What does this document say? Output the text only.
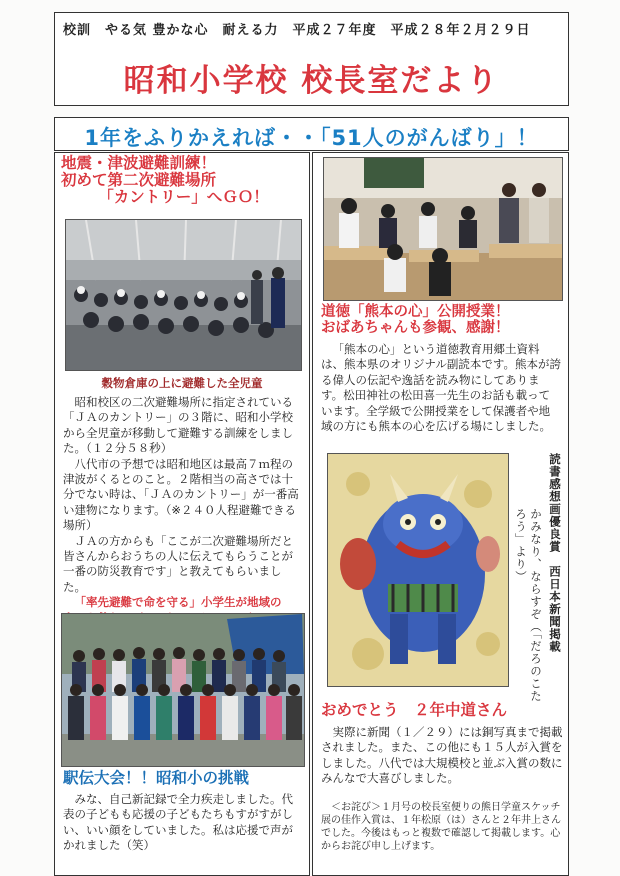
校訓　やる気 豊かな心　耐える力　平成２７年度　平成２８年２月２９日
昭和小学校 校長室だより
1年をふりかえれば・・「51人のがんばり」！
地震・津波避難訓練！
初めて第二次避難場所

「カントリー」へＧＯ！
穀物倉庫の上に避難した全児童

昭和校区の二次避難場所に指定されている「ＪＡのカントリー」の３階に、昭和小学校から全児童が移動して避難する訓練をしました。（１２分５８秒）

八代市の予想では昭和地区は最高７ｍ程の津波がくるとのこと。２階相当の高さでは十分でない時は、「ＪＡのカントリー」が一番高い建物になります。（※２４０人程避難できる場所）

ＪＡの方からも「ここが二次避難場所だと皆さんからおうちの人に伝えてもらうことが一番の防災教育です」と教えてもらいました。

「率先避難で命を守る」小学生が地域の

駅伝大会！！昭和小の挑戦

みな、自己新記録で全力疾走しました。代表の子どもも応援の子どもたちもすがすがしい、いい顔をしていました。私は応援で声がかれました（笑）

道徳「熊本の心」公開授業！
おばあちゃんも参観、感謝！

「熊本の心」という道徳教育用郷土資料は、熊本県のオリジナル副読本です。熊本が誇る偉人の伝記や逸話を読み物にしてあります。松田神社の松田喜一先生のお話も載っています。全学級で公開授業をして保護者や地域の方にも熊本の心を広げる場にしました。

読書感想画優良賞　西日本新聞掲載
かみなり、ならすぞ（「だろのこたろう」より）
おめでとう　２年中道さん

実際に新聞（１／２９）には銅写真まで掲載されました。また、この他にも１５人が入賞をしました。八代では大規模校と並ぶ入賞の数にみんなで大喜びしました。

＜お詫び＞１月号の校長室便りの熊日学童スケッチ展の佳作入賞は、１年松原（は）さんと２年井上さんでした。今後はもっと複数で確認して掲載します。心からお詫び申し上げます。
